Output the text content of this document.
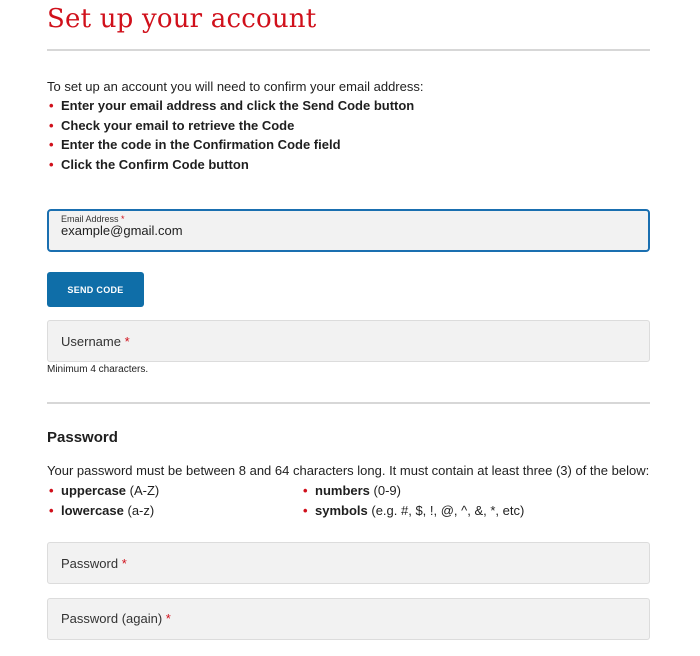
Set up your account
To set up an account you will need to confirm your email address:
• Enter your email address and click the Send Code button
• Check your email to retrieve the Code
• Enter the code in the Confirmation Code field
• Click the Confirm Code button
Email Address *
example@gmail.com
SEND CODE
Username *
Minimum 4 characters.
Password
Your password must be between 8 and 64 characters long. It must contain at least three (3) of the below:
• uppercase (A-Z)
• lowercase (a-z)
• numbers (0-9)
• symbols (e.g. #, $, !, @, ^, &, *, etc)
Password *
Password (again) *
